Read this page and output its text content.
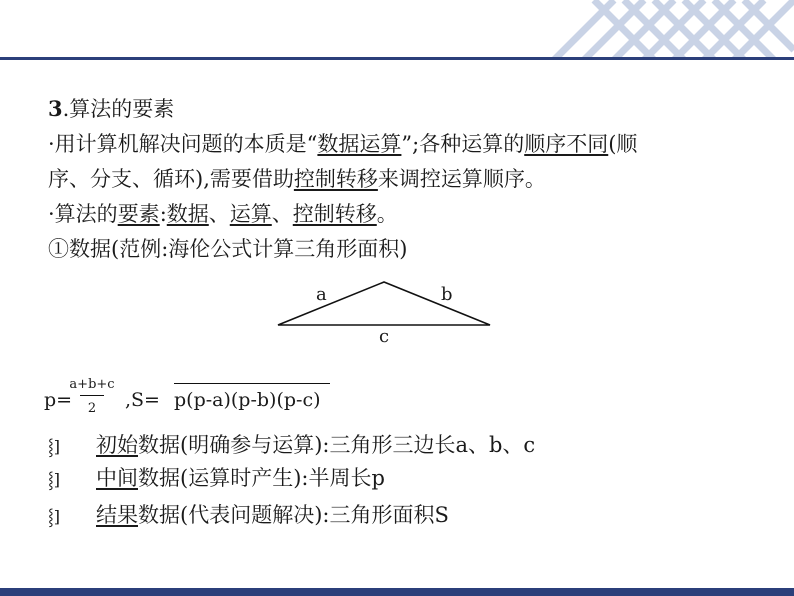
3.算法的要素
·用计算机解决问题的本质是“数据运算”;各种运算的顺序不同(顺
序、分支、循环),需要借助控制转移来调控运算顺序。
·算法的要素:数据、运算、控制转移。
①数据(范例:海伦公式计算三角形面积)
a	b
c
p=
a+b+c
2	,S= p(p-a)(p-b)(p-c)
⸾] 初始数据(明确参与运算):三角形三边长a、b、c
⸾] 中间数据(运算时产生):半周长p
⸾] 结果数据(代表问题解决):三角形面积S
